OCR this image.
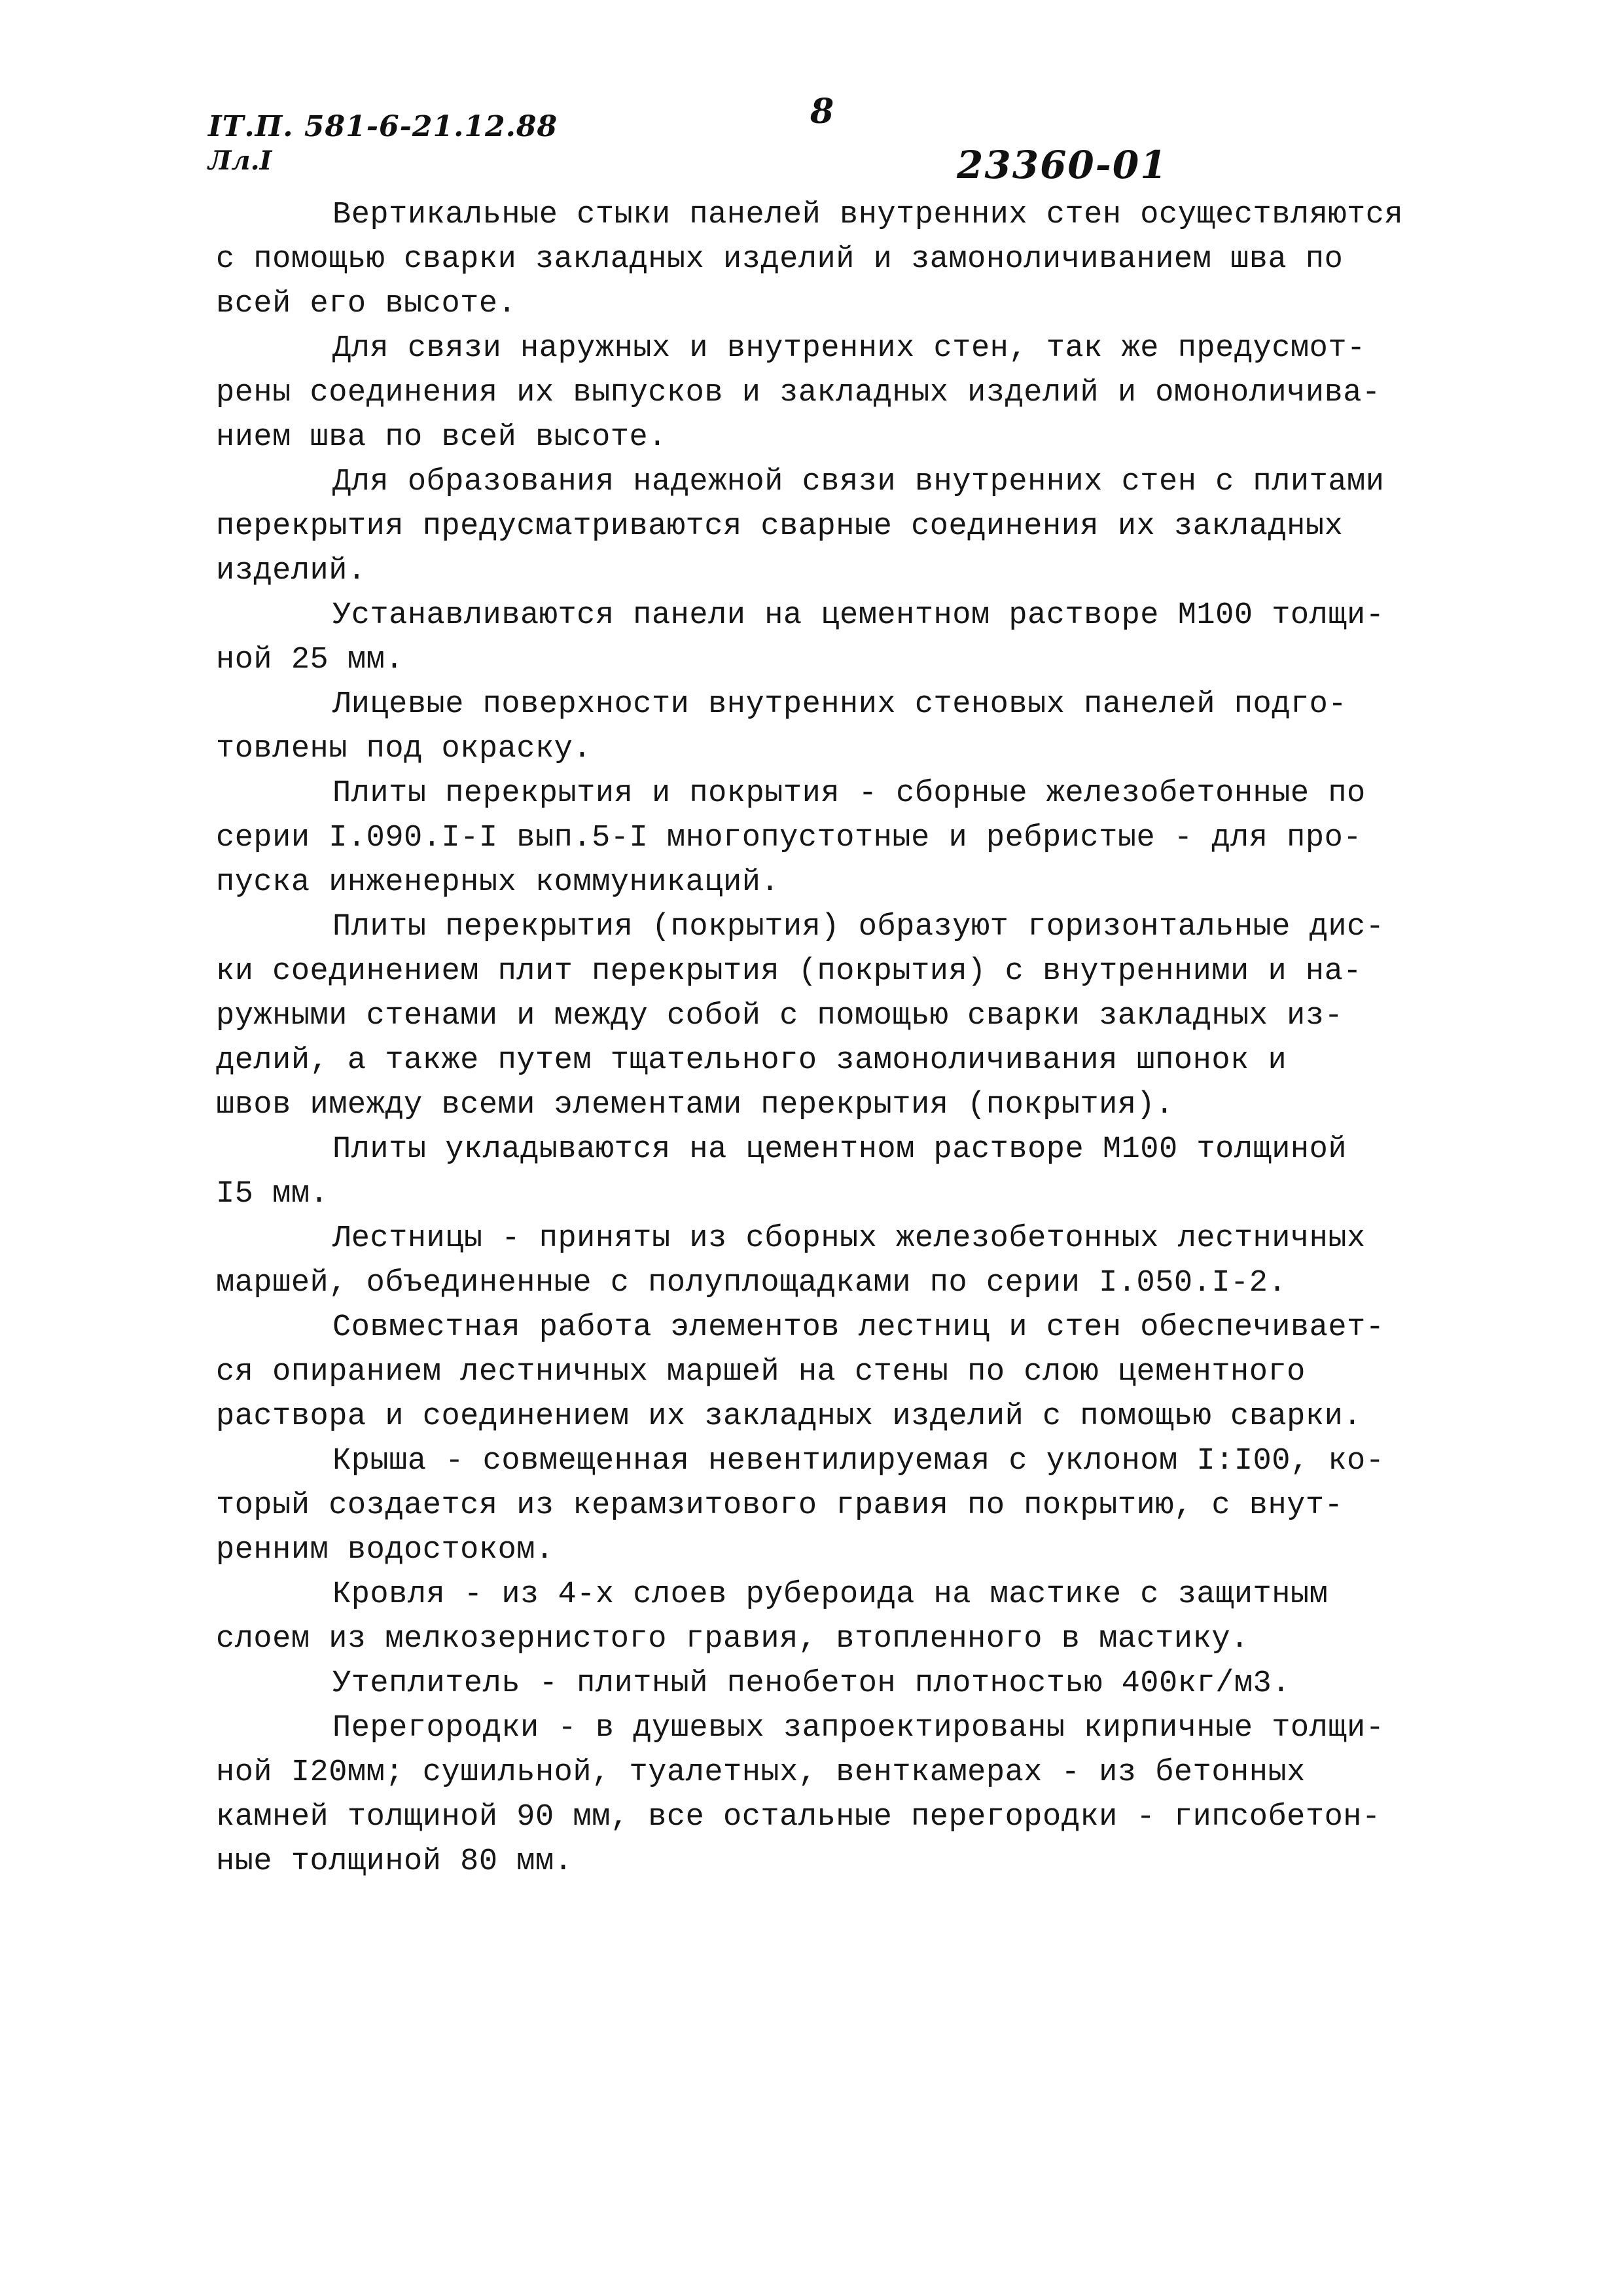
ӀТ.П. 581-6-21.12.88
Лл.I
8
23360-01
Вертикальные стыки панелей внутренних стен осуществляются
с помощью сварки закладных изделий и замоноличиванием шва по
всей его высоте.
Для связи наружных и внутренних стен, так же предусмот-
рены соединения их выпусков и закладных изделий и омоноличива-
нием шва по всей высоте.
Для образования надежной связи внутренних стен с плитами
перекрытия предусматриваются сварные соединения их закладных
изделий.
Устанавливаются панели на цементном растворе M100 толщи-
ной 25 мм.
Лицевые поверхности внутренних стеновых панелей подго-
товлены под окраску.
Плиты перекрытия и покрытия - сборные железобетонные по
серии I.090.I-I вып.5-I многопустотные и ребристые - для про-
пуска инженерных коммуникаций.
Плиты перекрытия (покрытия) образуют горизонтальные дис-
ки соединением плит перекрытия (покрытия) с внутренними и на-
ружными стенами и между собой с помощью сварки закладных из-
делий, а также путем тщательного замоноличивания шпонок и
швов имежду всеми элементами перекрытия (покрытия).
Плиты укладываются на цементном растворе M100 толщиной
I5 мм.
Лестницы - приняты из сборных железобетонных лестничных
маршей, объединенные с полуплощадками по серии I.050.I-2.
Совместная работа элементов лестниц и стен обеспечивает-
ся опиранием лестничных маршей на стены по слою цементного
раствора и соединением их закладных изделий с помощью сварки.
Крыша - совмещенная невентилируемая с уклоном I:I00, ко-
торый создается из керамзитового гравия по покрытию, с внут-
ренним водостоком.
Кровля - из 4-х слоев рубероида на мастике с защитным
слоем из мелкозернистого гравия, втопленного в мастику.
Утеплитель - плитный пенобетон плотностью 400кг/м3.
Перегородки - в душевых запроектированы кирпичные толщи-
ной I20мм; сушильной, туалетных, венткамерах - из бетонных
камней толщиной 90 мм, все остальные перегородки - гипсобетон-
ные толщиной 80 мм.
